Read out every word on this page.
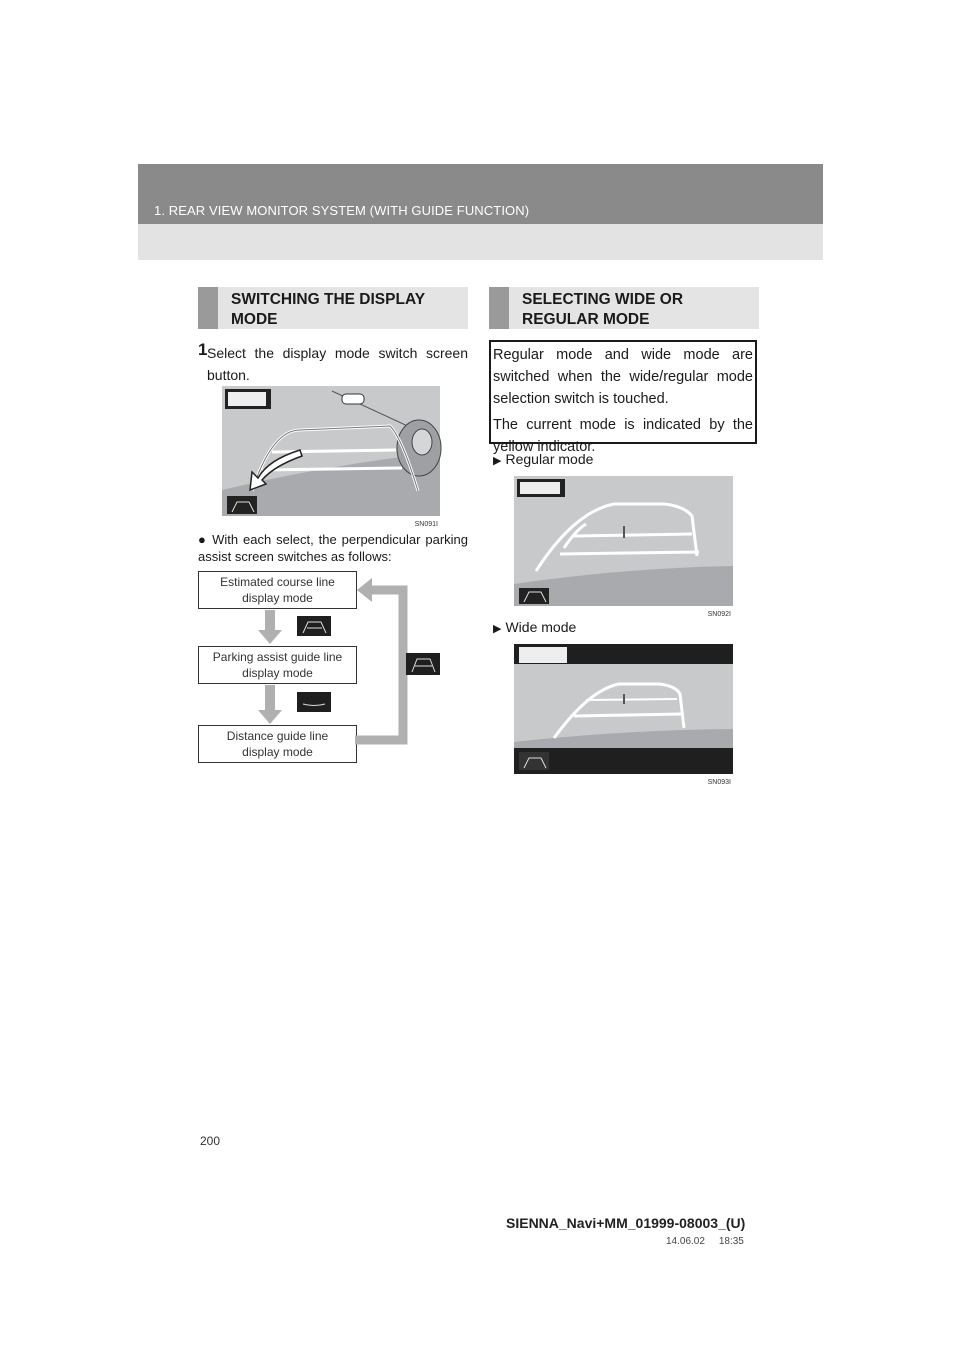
1. REAR VIEW MONITOR SYSTEM (WITH GUIDE FUNCTION)
SWITCHING THE DISPLAY
MODE
1 Select the display mode switch screen button.
SN091I
● With each select, the perpendicular parking assist screen switches as follows:
Estimated course line
display mode
Parking assist guide line
display mode
Distance guide line
display mode
SELECTING WIDE OR
REGULAR MODE

Regular mode and wide mode are switched when the wide/regular mode selection switch is touched.

The current mode is indicated by the yellow indicator.

▶ Regular mode
SN092I
▶ Wide mode
SN093I
200
SIENNA_Navi+MM_01999-08003_(U)
14.06.02     18:35
